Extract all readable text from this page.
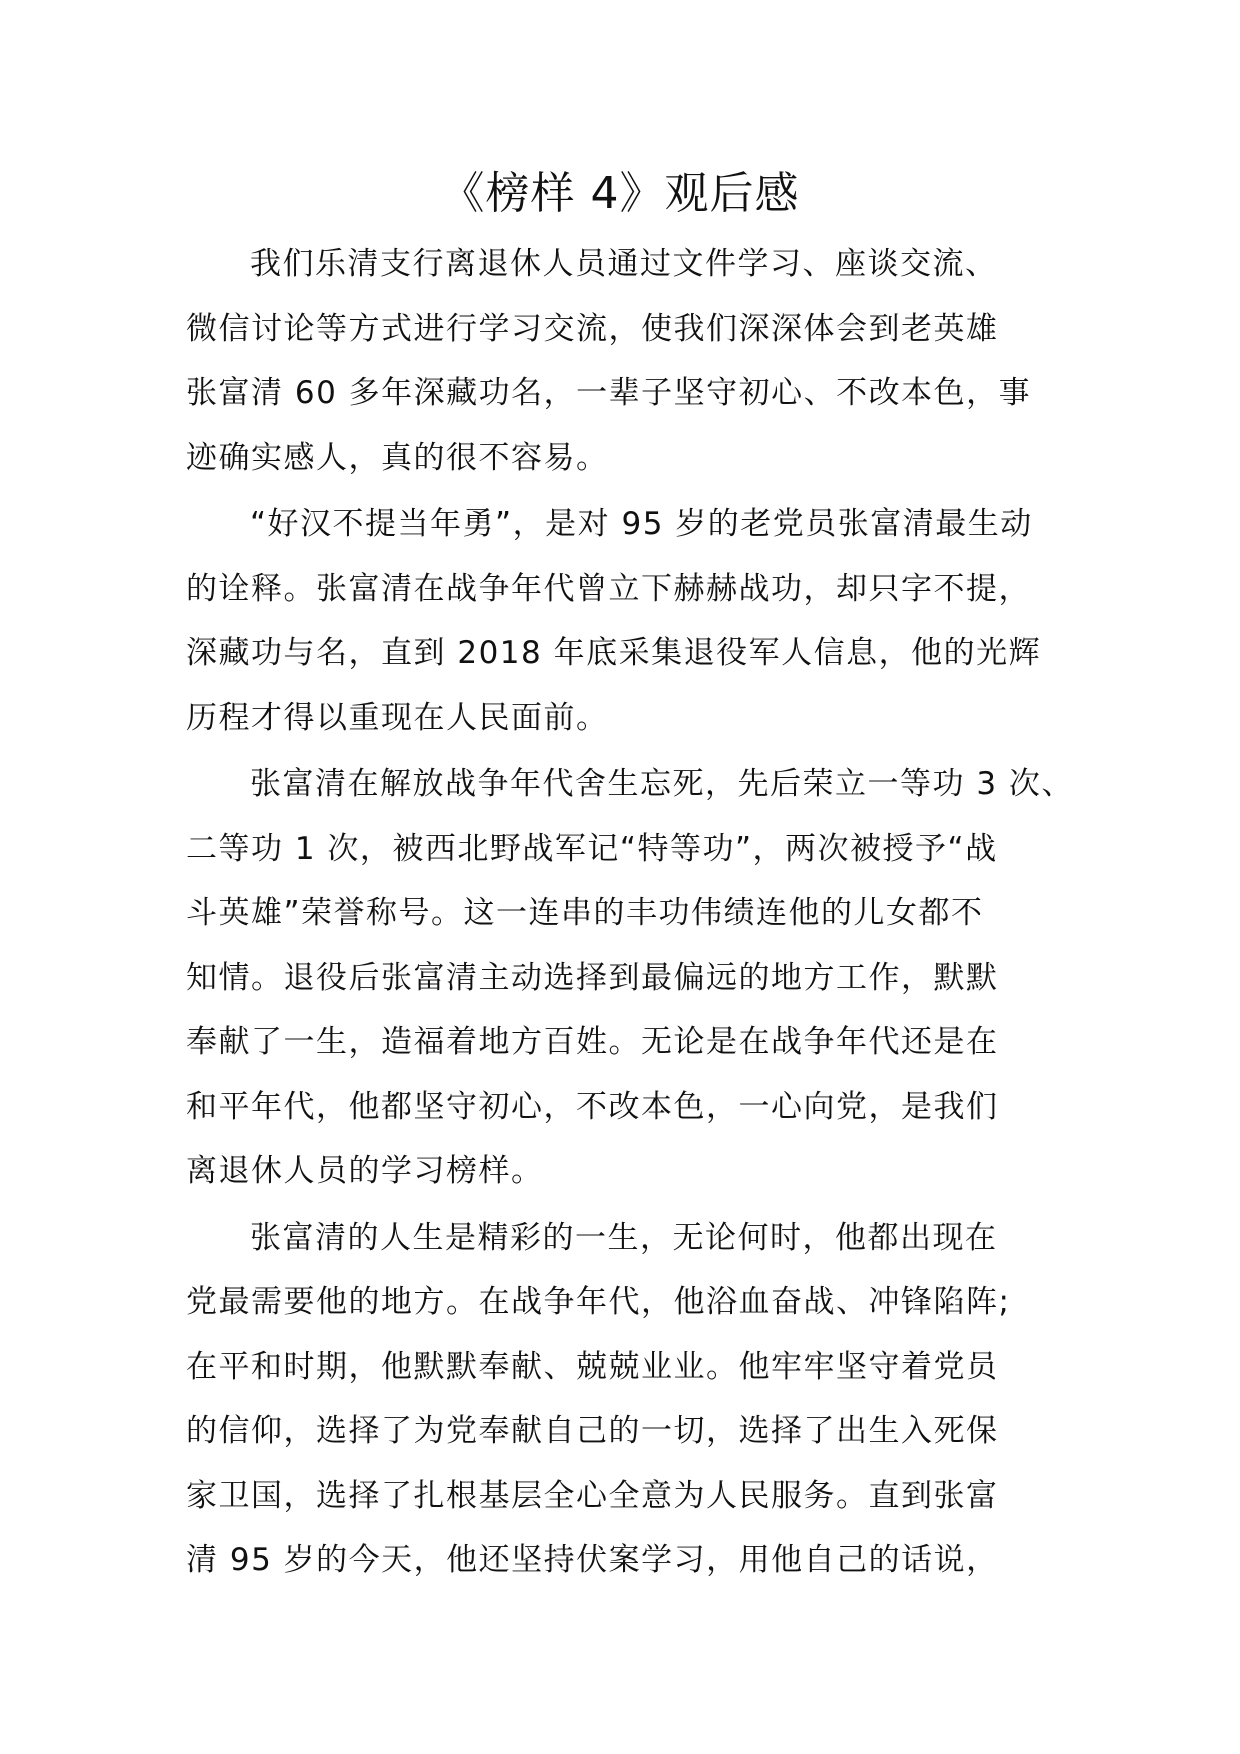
《榜样 4》观后感
我们乐清支行离退休人员通过文件学习、座谈交流、
微信讨论等方式进行学习交流，使我们深深体会到老英雄
张富清 60 多年深藏功名，一辈子坚守初心、不改本色，事
迹确实感人，真的很不容易。
“好汉不提当年勇”，是对 95 岁的老党员张富清最生动
的诠释。张富清在战争年代曾立下赫赫战功，却只字不提，
深藏功与名，直到 2018 年底采集退役军人信息，他的光辉
历程才得以重现在人民面前。
张富清在解放战争年代舍生忘死，先后荣立一等功 3 次、
二等功 1 次，被西北野战军记“特等功”，两次被授予“战
斗英雄”荣誉称号。这一连串的丰功伟绩连他的儿女都不
知情。退役后张富清主动选择到最偏远的地方工作，默默
奉献了一生，造福着地方百姓。无论是在战争年代还是在
和平年代，他都坚守初心，不改本色，一心向党，是我们
离退休人员的学习榜样。
张富清的人生是精彩的一生，无论何时，他都出现在
党最需要他的地方。在战争年代，他浴血奋战、冲锋陷阵;
在平和时期，他默默奉献、兢兢业业。他牢牢坚守着党员
的信仰，选择了为党奉献自己的一切，选择了出生入死保
家卫国，选择了扎根基层全心全意为人民服务。直到张富
清 95 岁的今天，他还坚持伏案学习，用他自己的话说，
